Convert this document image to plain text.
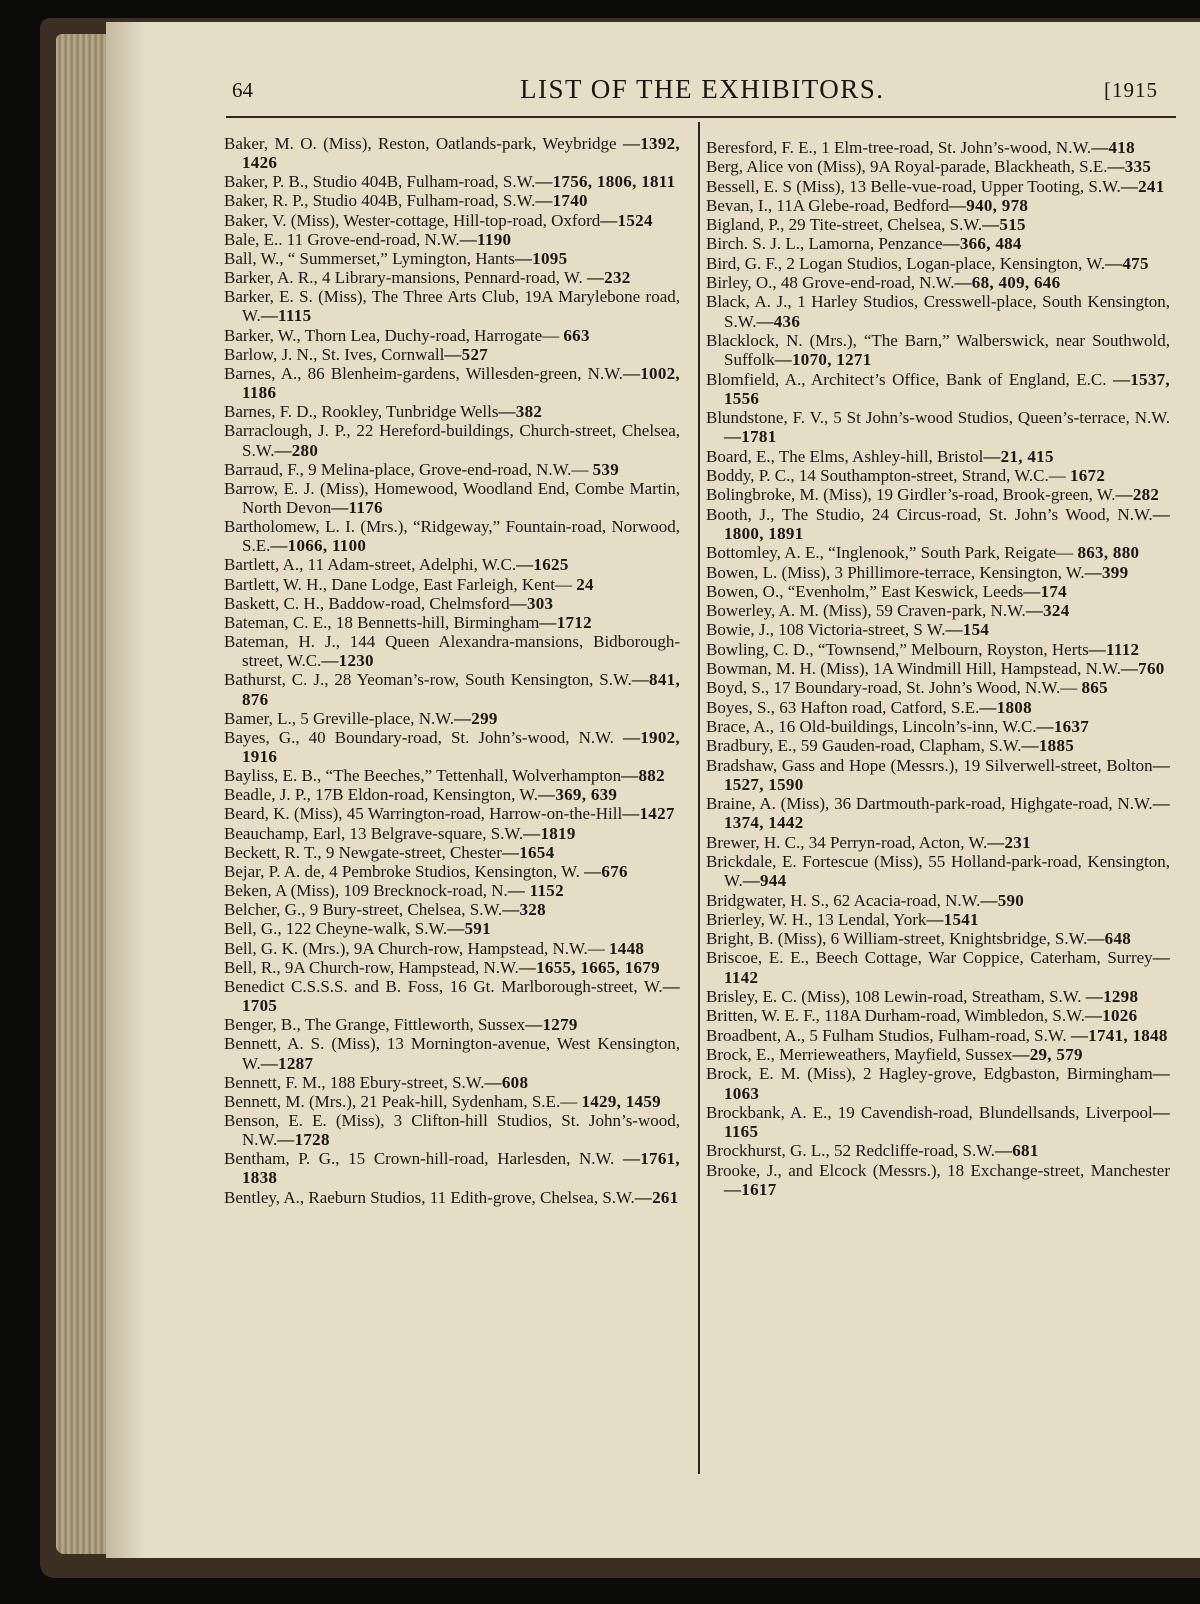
64	LIST OF THE EXHIBITORS.	[1915

Baker, M. O. (Miss), Reston, Oatlands-park, Weybridge —1392, 1426

Baker, P. B., Studio 404B, Fulham-road, S.W.—1756, 1806, 1811

Baker, R. P., Studio 404B, Fulham-road, S.W.—1740

Baker, V. (Miss), Wester-cottage, Hill-top-road, Oxford—1524

Bale, E.. 11 Grove-end-road, N.W.—1190

Ball, W., “ Summerset,” Lymington, Hants—1095

Barker, A. R., 4 Library-mansions, Pennard-road, W. —232

Barker, E. S. (Miss), The Three Arts Club, 19A Marylebone road, W.—1115

Barker, W., Thorn Lea, Duchy-road, Harrogate— 663

Barlow, J. N., St. Ives, Cornwall—527

Barnes, A., 86 Blenheim-gardens, Willesden-green, N.W.—1002, 1186

Barnes, F. D., Rookley, Tunbridge Wells—382

Barraclough, J. P., 22 Hereford-buildings, Church-street, Chelsea, S.W.—280

Barraud, F., 9 Melina-place, Grove-end-road, N.W.— 539

Barrow, E. J. (Miss), Homewood, Woodland End, Combe Martin, North Devon—1176

Bartholomew, L. I. (Mrs.), “Ridgeway,” Fountain-road, Norwood, S.E.—1066, 1100

Bartlett, A., 11 Adam-street, Adelphi, W.C.—1625

Bartlett, W. H., Dane Lodge, East Farleigh, Kent— 24

Baskett, C. H., Baddow-road, Chelmsford—303

Bateman, C. E., 18 Bennetts-hill, Birmingham—1712

Bateman, H. J., 144 Queen Alexandra-mansions, Bidborough-street, W.C.—1230

Bathurst, C. J., 28 Yeoman’s-row, South Kensington, S.W.—841, 876

Bamer, L., 5 Greville-place, N.W.—299

Bayes, G., 40 Boundary-road, St. John’s-wood, N.W. —1902, 1916

Bayliss, E. B., “The Beeches,” Tettenhall, Wolverhampton—882

Beadle, J. P., 17B Eldon-road, Kensington, W.—369, 639

Beard, K. (Miss), 45 Warrington-road, Harrow-on-the-Hill—1427

Beauchamp, Earl, 13 Belgrave-square, S.W.—1819

Beckett, R. T., 9 Newgate-street, Chester—1654

Bejar, P. A. de, 4 Pembroke Studios, Kensington, W. —676

Beken, A (Miss), 109 Brecknock-road, N.— 1152

Belcher, G., 9 Bury-street, Chelsea, S.W.—328

Bell, G., 122 Cheyne-walk, S.W.—591

Bell, G. K. (Mrs.), 9A Church-row, Hampstead, N.W.— 1448

Bell, R., 9A Church-row, Hampstead, N.W.—1655, 1665, 1679

Benedict C.S.S.S. and B. Foss, 16 Gt. Marlborough-street, W.—1705

Benger, B., The Grange, Fittleworth, Sussex—1279

Bennett, A. S. (Miss), 13 Mornington-avenue, West Kensington, W.—1287

Bennett, F. M., 188 Ebury-street, S.W.—608

Bennett, M. (Mrs.), 21 Peak-hill, Sydenham, S.E.— 1429, 1459

Benson, E. E. (Miss), 3 Clifton-hill Studios, St. John’s-wood, N.W.—1728

Bentham, P. G., 15 Crown-hill-road, Harlesden, N.W. —1761, 1838

Bentley, A., Raeburn Studios, 11 Edith-grove, Chelsea, S.W.—261

Beresford, F. E., 1 Elm-tree-road, St. John’s-wood, N.W.—418

Berg, Alice von (Miss), 9A Royal-parade, Blackheath, S.E.—335

Bessell, E. S (Miss), 13 Belle-vue-road, Upper Tooting, S.W.—241

Bevan, I., 11A Glebe-road, Bedford—940, 978

Bigland, P., 29 Tite-street, Chelsea, S.W.—515

Birch. S. J. L., Lamorna, Penzance—366, 484

Bird, G. F., 2 Logan Studios, Logan-place, Kensington, W.—475

Birley, O., 48 Grove-end-road, N.W.—68, 409, 646

Black, A. J., 1 Harley Studios, Cresswell-place, South Kensington, S.W.—436

Blacklock, N. (Mrs.), “The Barn,” Walberswick, near Southwold, Suffolk—1070, 1271

Blomfield, A., Architect’s Office, Bank of England, E.C. —1537, 1556

Blundstone, F. V., 5 St John’s-wood Studios, Queen’s-terrace, N.W.—1781

Board, E., The Elms, Ashley-hill, Bristol—21, 415

Boddy, P. C., 14 Southampton-street, Strand, W.C.— 1672

Bolingbroke, M. (Miss), 19 Girdler’s-road, Brook-green, W.—282

Booth, J., The Studio, 24 Circus-road, St. John’s Wood, N.W.—1800, 1891

Bottomley, A. E., “Inglenook,” South Park, Reigate— 863, 880

Bowen, L. (Miss), 3 Phillimore-terrace, Kensington, W.—399

Bowen, O., “Evenholm,” East Keswick, Leeds—174

Bowerley, A. M. (Miss), 59 Craven-park, N.W.—324

Bowie, J., 108 Victoria-street, S W.—154

Bowling, C. D., “Townsend,” Melbourn, Royston, Herts—1112

Bowman, M. H. (Miss), 1A Windmill Hill, Hampstead, N.W.—760

Boyd, S., 17 Boundary-road, St. John’s Wood, N.W.— 865

Boyes, S., 63 Hafton road, Catford, S.E.—1808

Brace, A., 16 Old-buildings, Lincoln’s-inn, W.C.—1637

Bradbury, E., 59 Gauden-road, Clapham, S.W.—1885

Bradshaw, Gass and Hope (Messrs.), 19 Silverwell-street, Bolton—1527, 1590

Braine, A. (Miss), 36 Dartmouth-park-road, Highgate-road, N.W.—1374, 1442

Brewer, H. C., 34 Perryn-road, Acton, W.—231

Brickdale, E. Fortescue (Miss), 55 Holland-park-road, Kensington, W.—944

Bridgwater, H. S., 62 Acacia-road, N.W.—590

Brierley, W. H., 13 Lendal, York—1541

Bright, B. (Miss), 6 William-street, Knightsbridge, S.W.—648

Briscoe, E. E., Beech Cottage, War Coppice, Caterham, Surrey—1142

Brisley, E. C. (Miss), 108 Lewin-road, Streatham, S.W. —1298

Britten, W. E. F., 118A Durham-road, Wimbledon, S.W.—1026

Broadbent, A., 5 Fulham Studios, Fulham-road, S.W. —1741, 1848

Brock, E., Merrieweathers, Mayfield, Sussex—29, 579

Brock, E. M. (Miss), 2 Hagley-grove, Edgbaston, Birmingham—1063

Brockbank, A. E., 19 Cavendish-road, Blundellsands, Liverpool—1165

Brockhurst, G. L., 52 Redcliffe-road, S.W.—681

Brooke, J., and Elcock (Messrs.), 18 Exchange-street, Manchester—1617
